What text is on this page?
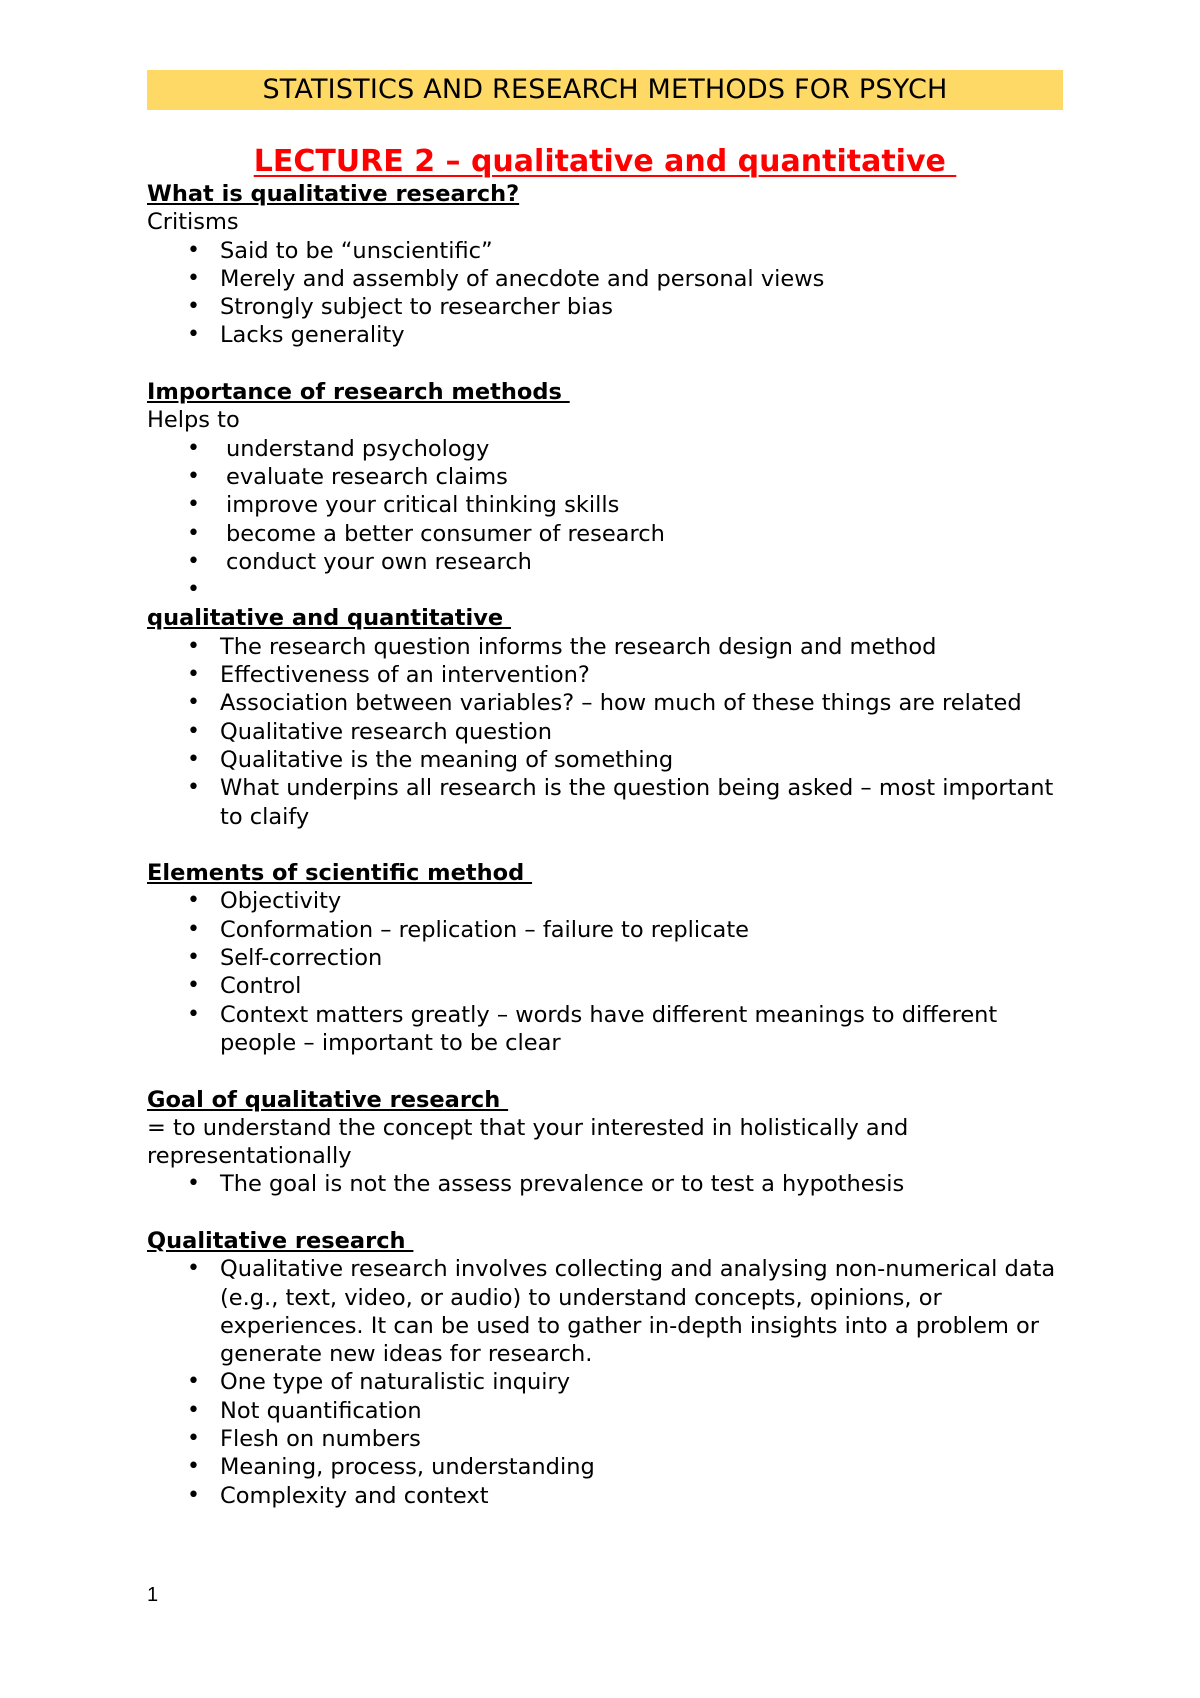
STATISTICS AND RESEARCH METHODS FOR PSYCH
LECTURE 2 – qualitative and quantitative
What is qualitative research?

Critisms

• Said to be “unscientific”
• Merely and assembly of anecdote and personal views
• Strongly subject to researcher bias
• Lacks generality
Importance of research methods

Helps to

• understand psychology
• evaluate research claims
• improve your critical thinking skills
• become a better consumer of research
• conduct your own research
•
qualitative and quantitative
• The research question informs the research design and method
• Effectiveness of an intervention?
• Association between variables? – how much of these things are related
• Qualitative research question
• Qualitative is the meaning of something
• What underpins all research is the question being asked – most important to claify
Elements of scientific method
• Objectivity
• Conformation – replication – failure to replicate
• Self-correction
• Control
• Context matters greatly – words have different meanings to different people – important to be clear
Goal of qualitative research

= to understand the concept that your interested in holistically and representationally

• The goal is not the assess prevalence or to test a hypothesis
Qualitative research
• Qualitative research involves collecting and analysing non-numerical data (e.g., text, video, or audio) to understand concepts, opinions, or experiences. It can be used to gather in-depth insights into a problem or generate new ideas for research.
• One type of naturalistic inquiry
• Not quantification
• Flesh on numbers
• Meaning, process, understanding
• Complexity and context
1
